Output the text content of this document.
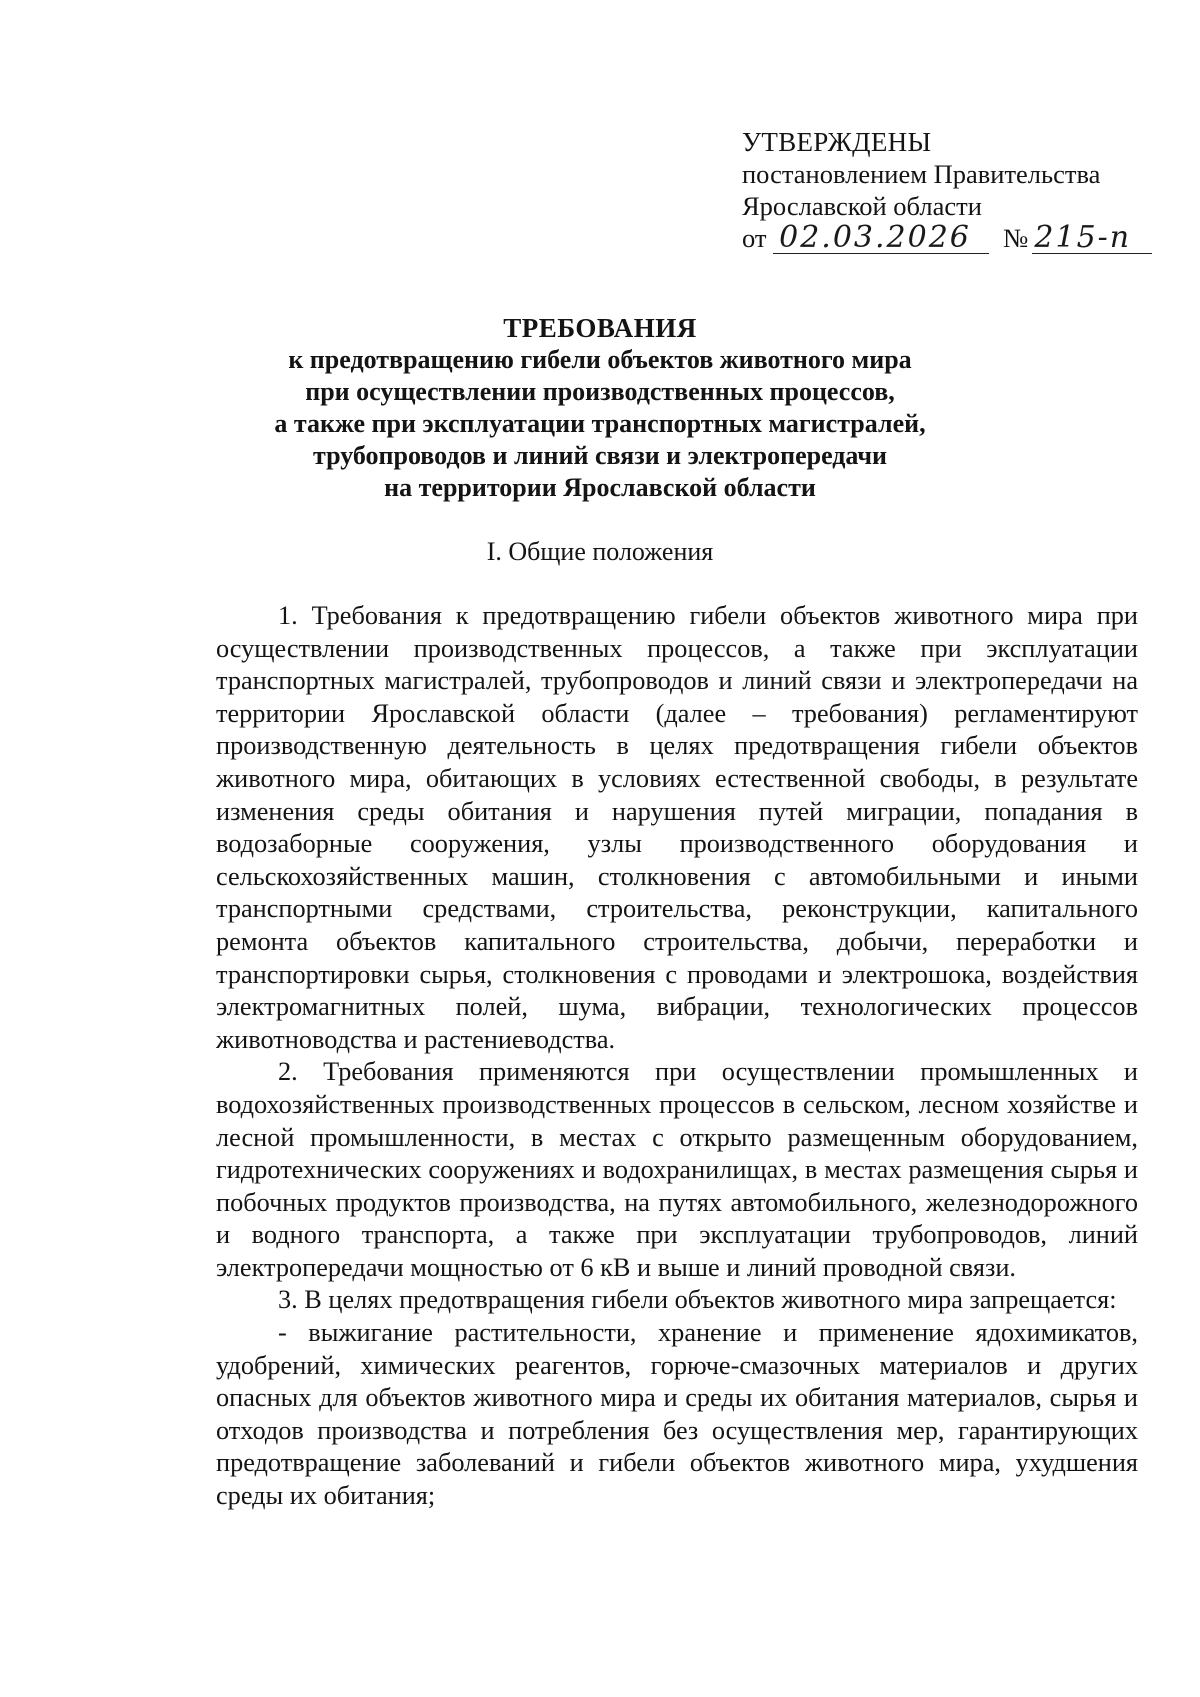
УТВЕРЖДЕНЫ
постановлением Правительства
Ярославской области
от 02.03.2026 № 215-п
ТРЕБОВАНИЯ
к предотвращению гибели объектов животного мира
при осуществлении производственных процессов,
а также при эксплуатации транспортных магистралей,
трубопроводов и линий связи и электропередачи
на территории Ярославской области
I. Общие положения

1. Требования к предотвращению гибели объектов животного мира при осуществлении производственных процессов, а также при эксплуатации транспортных магистралей, трубопроводов и линий связи и электропередачи на территории Ярославской области (далее – требования) регламентируют производственную деятельность в целях предотвращения гибели объектов животного мира, обитающих в условиях естественной свободы, в результате изменения среды обитания и нарушения путей миграции, попадания в водозаборные сооружения, узлы производственного оборудования и сельскохозяйственных машин, столкновения с автомобильными и иными транспортными средствами, строительства, реконструкции, капитального ремонта объектов капитального строительства, добычи, переработки и транспортировки сырья, столкновения с проводами и электрошока, воздействия электромагнитных полей, шума, вибрации, технологических процессов животноводства и растениеводства.

2. Требования применяются при осуществлении промышленных и водохозяйственных производственных процессов в сельском, лесном хозяйстве и лесной промышленности, в местах с открыто размещенным оборудованием, гидротехнических сооружениях и водохранилищах, в местах размещения сырья и побочных продуктов производства, на путях автомобильного, железнодорожного и водного транспорта, а также при эксплуатации трубопроводов, линий электропередачи мощностью от 6 кВ и выше и линий проводной связи.

3. В целях предотвращения гибели объектов животного мира запрещается:

- выжигание растительности, хранение и применение ядохимикатов, удобрений, химических реагентов, горюче-смазочных материалов и других опасных для объектов животного мира и среды их обитания материалов, сырья и отходов производства и потребления без осуществления мер, гарантирующих предотвращение заболеваний и гибели объектов животного мира, ухудшения среды их обитания;
